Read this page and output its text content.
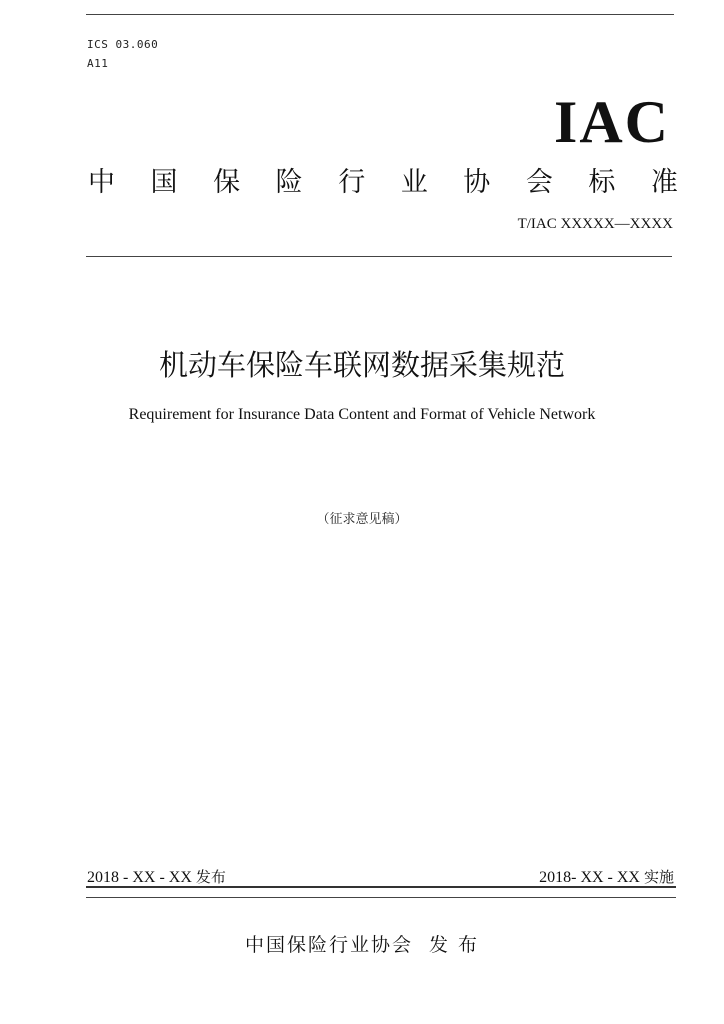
ICS 03.060
A11
IAC
中 国 保 险 行 业 协 会 标 准
T/IAC XXXXX—XXXX
机动车保险车联网数据采集规范
Requirement for Insurance Data Content and Format of Vehicle Network
（征求意见稿）
2018 - XX - XX 发布	2018- XX - XX 实施
中国保险行业协会 发 布
